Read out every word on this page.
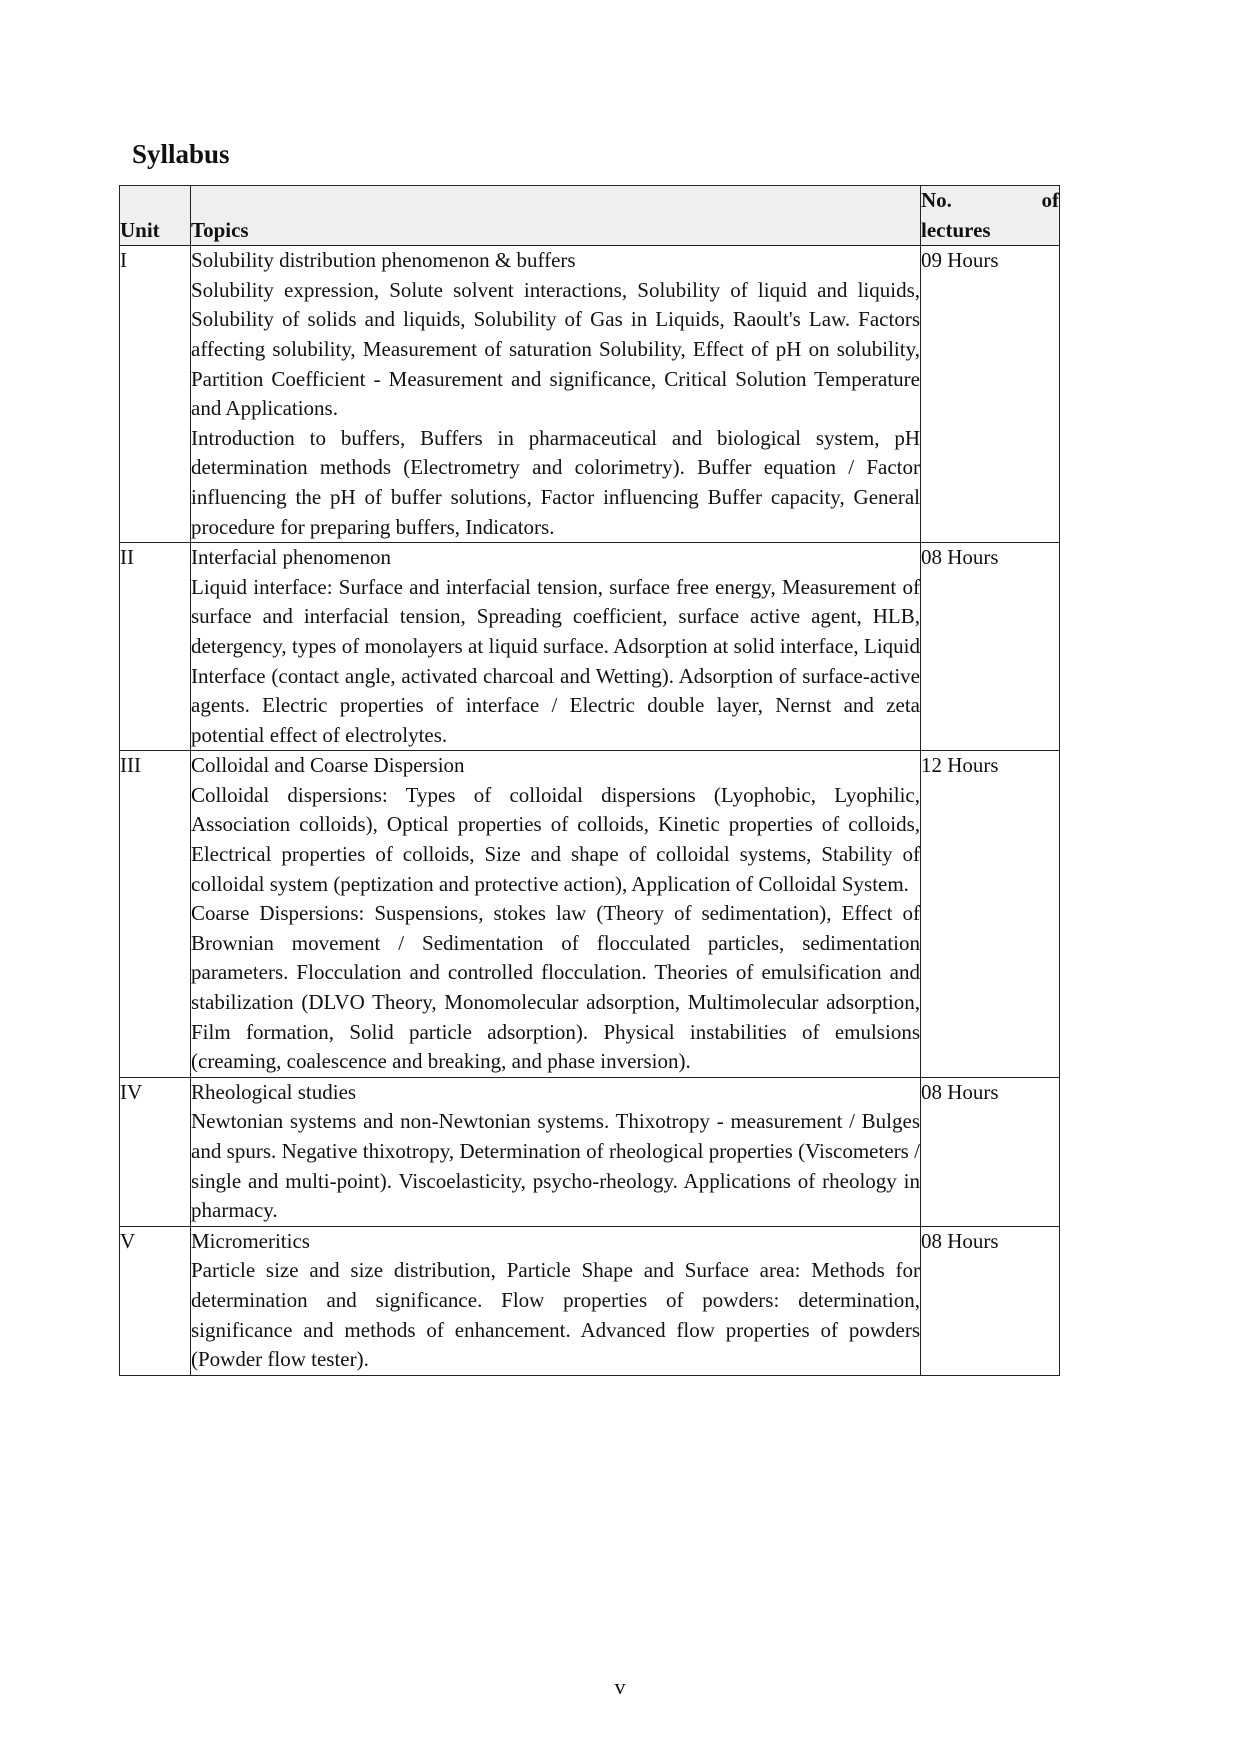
Syllabus
Unit	Topics	No. of
lectures

I	Solubility distribution phenomenon & buffers

Solubility expression, Solute solvent interactions, Solubility of liquid and liquids, Solubility of solids and liquids, Solubility of Gas in Liquids, Raoult's Law. Factors affecting solubility, Measurement of saturation Solubility, Effect of pH on solubility, Partition Coefficient - Measurement and significance, Critical Solution Temperature and Applications.

Introduction to buffers, Buffers in pharmaceutical and biological system, pH determination methods (Electrometry and colorimetry). Buffer equation / Factor influencing the pH of buffer solutions, Factor influencing Buffer capacity, General procedure for preparing buffers, Indicators.	09 Hours
II	Interfacial phenomenon

Liquid interface: Surface and interfacial tension, surface free energy, Measurement of surface and interfacial tension, Spreading coefficient, surface active agent, HLB, detergency, types of monolayers at liquid surface. Adsorption at solid interface, Liquid Interface (contact angle, activated charcoal and Wetting). Adsorption of surface-active agents. Electric properties of interface / Electric double layer, Nernst and zeta potential effect of electrolytes.	08 Hours
III	Colloidal and Coarse Dispersion

Colloidal dispersions: Types of colloidal dispersions (Lyophobic, Lyophilic, Association colloids), Optical properties of colloids, Kinetic properties of colloids, Electrical properties of colloids, Size and shape of colloidal systems, Stability of colloidal system (peptization and protective action), Application of Colloidal System.

Coarse Dispersions: Suspensions, stokes law (Theory of sedimentation), Effect of Brownian movement / Sedimentation of flocculated particles, sedimentation parameters. Flocculation and controlled flocculation. Theories of emulsification and stabilization (DLVO Theory, Monomolecular adsorption, Multimolecular adsorption, Film formation, Solid particle adsorption). Physical instabilities of emulsions (creaming, coalescence and breaking, and phase inversion).	12 Hours
IV	Rheological studies

Newtonian systems and non-Newtonian systems. Thixotropy - measurement / Bulges and spurs. Negative thixotropy, Determination of rheological properties (Viscometers / single and multi-point). Viscoelasticity, psycho-rheology. Applications of rheology in pharmacy.	08 Hours
V	Micromeritics

Particle size and size distribution, Particle Shape and Surface area: Methods for determination and significance. Flow properties of powders: determination, significance and methods of enhancement. Advanced flow properties of powders (Powder flow tester).	08 Hours
v
